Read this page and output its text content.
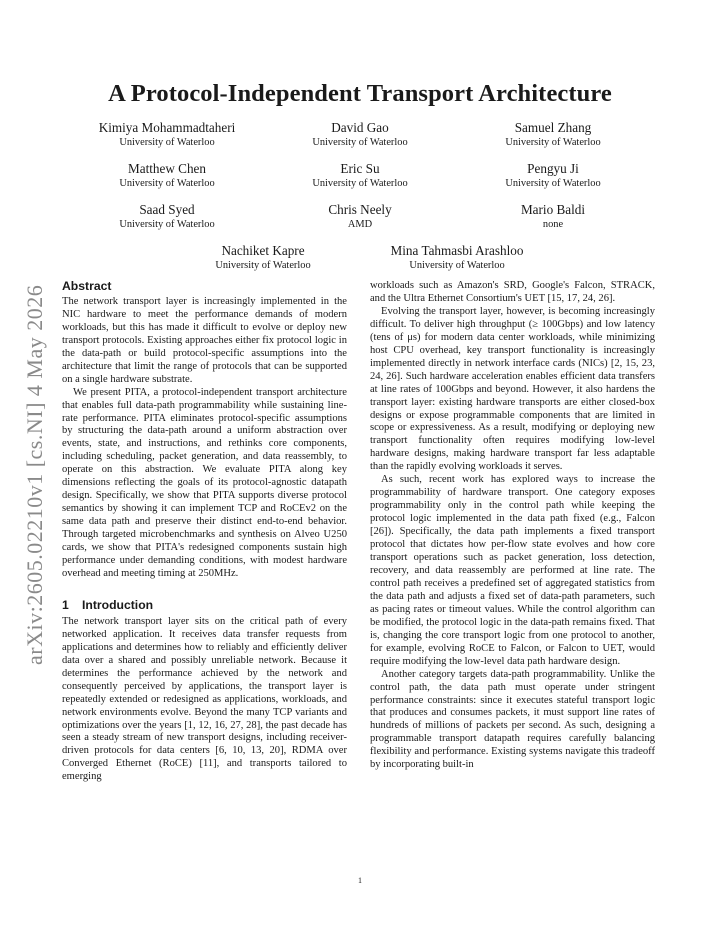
arXiv:2605.02210v1 [cs.NI] 4 May 2026
A Protocol-Independent Transport Architecture
Kimiya Mohammadtaheri
University of Waterloo
David Gao
University of Waterloo
Samuel Zhang
University of Waterloo
Matthew Chen
University of Waterloo
Eric Su
University of Waterloo
Pengyu Ji
University of Waterloo
Saad Syed
University of Waterloo
Chris Neely
AMD
Mario Baldi
none
Nachiket Kapre
University of Waterloo
Mina Tahmasbi Arashloo
University of Waterloo
Abstract

The network transport layer is increasingly implemented in the NIC hardware to meet the performance demands of modern workloads, but this has made it difficult to evolve or deploy new transport protocols. Existing approaches either fix protocol logic in the data-path or build protocol-specific assumptions into the architecture that limit the range of protocols that can be supported on a single hardware substrate.

We present PITA, a protocol-independent transport architecture that enables full data-path programmability while sustaining line-rate performance. PITA eliminates protocol-specific assumptions by structuring the data-path around a uniform abstraction over events, state, and instructions, and rethinks core components, including scheduling, packet generation, and data reassembly, to operate on this abstraction. We evaluate PITA along key dimensions reflecting the goals of its protocol-agnostic datapath design. Specifically, we show that PITA supports diverse protocol semantics by showing it can implement TCP and RoCEv2 on the same data path and preserve their distinct end-to-end behavior. Through targeted microbenchmarks and synthesis on Alveo U250 cards, we show that PITA's redesigned components sustain high performance under demanding conditions, with modest hardware overhead and meeting timing at 250MHz.

1 Introduction

The network transport layer sits on the critical path of every networked application. It receives data transfer requests from applications and determines how to reliably and efficiently deliver data over a shared and possibly unreliable network. Because it determines the performance achieved by the network and consequently perceived by applications, the transport layer is repeatedly extended or redesigned as applications, workloads, and network environments evolve. Beyond the many TCP variants and optimizations over the years [1, 12, 16, 27, 28], the past decade has seen a steady stream of new transport designs, including receiver-driven protocols for data centers [6, 10, 13, 20], RDMA over Converged Ethernet (RoCE) [11], and transports tailored to emerging

workloads such as Amazon's SRD, Google's Falcon, STRACK, and the Ultra Ethernet Consortium's UET [15, 17, 24, 26].

Evolving the transport layer, however, is becoming increasingly difficult. To deliver high throughput (≥ 100Gbps) and low latency (tens of μs) for modern data center workloads, while minimizing host CPU overhead, key transport functionality is increasingly implemented directly in network interface cards (NICs) [2, 15, 23, 24, 26]. Such hardware acceleration enables efficient data transfers at line rates of 100Gbps and beyond. However, it also hardens the transport layer: existing hardware transports are either closed-box designs or expose programmable components that are limited in scope or expressiveness. As a result, modifying or deploying new transport functionality often requires modifying low-level hardware designs, making hardware transport far less adaptable than the rapidly evolving workloads it serves.

As such, recent work has explored ways to increase the programmability of hardware transport. One category exposes programmability only in the control path while keeping the protocol logic implemented in the data path fixed (e.g., Falcon [26]). Specifically, the data path implements a fixed transport protocol that dictates how per-flow state evolves and how core transport operations such as packet generation, loss detection, recovery, and data reassembly are performed at line rate. The control path receives a predefined set of aggregated statistics from the data path and adjusts a fixed set of data-path parameters, such as pacing rates or timeout values. While the control algorithm can be modified, the protocol logic in the data-path remains fixed. That is, changing the core transport logic from one protocol to another, for example, evolving RoCE to Falcon, or Falcon to UET, would require modifying the low-level data path hardware design.

Another category targets data-path programmability. Unlike the control path, the data path must operate under stringent performance constraints: since it executes stateful transport logic that produces and consumes packets, it must support line rates of hundreds of millions of packets per second. As such, designing a programmable transport datapath requires carefully balancing flexibility and performance. Existing systems navigate this tradeoff by incorporating built-in

1
